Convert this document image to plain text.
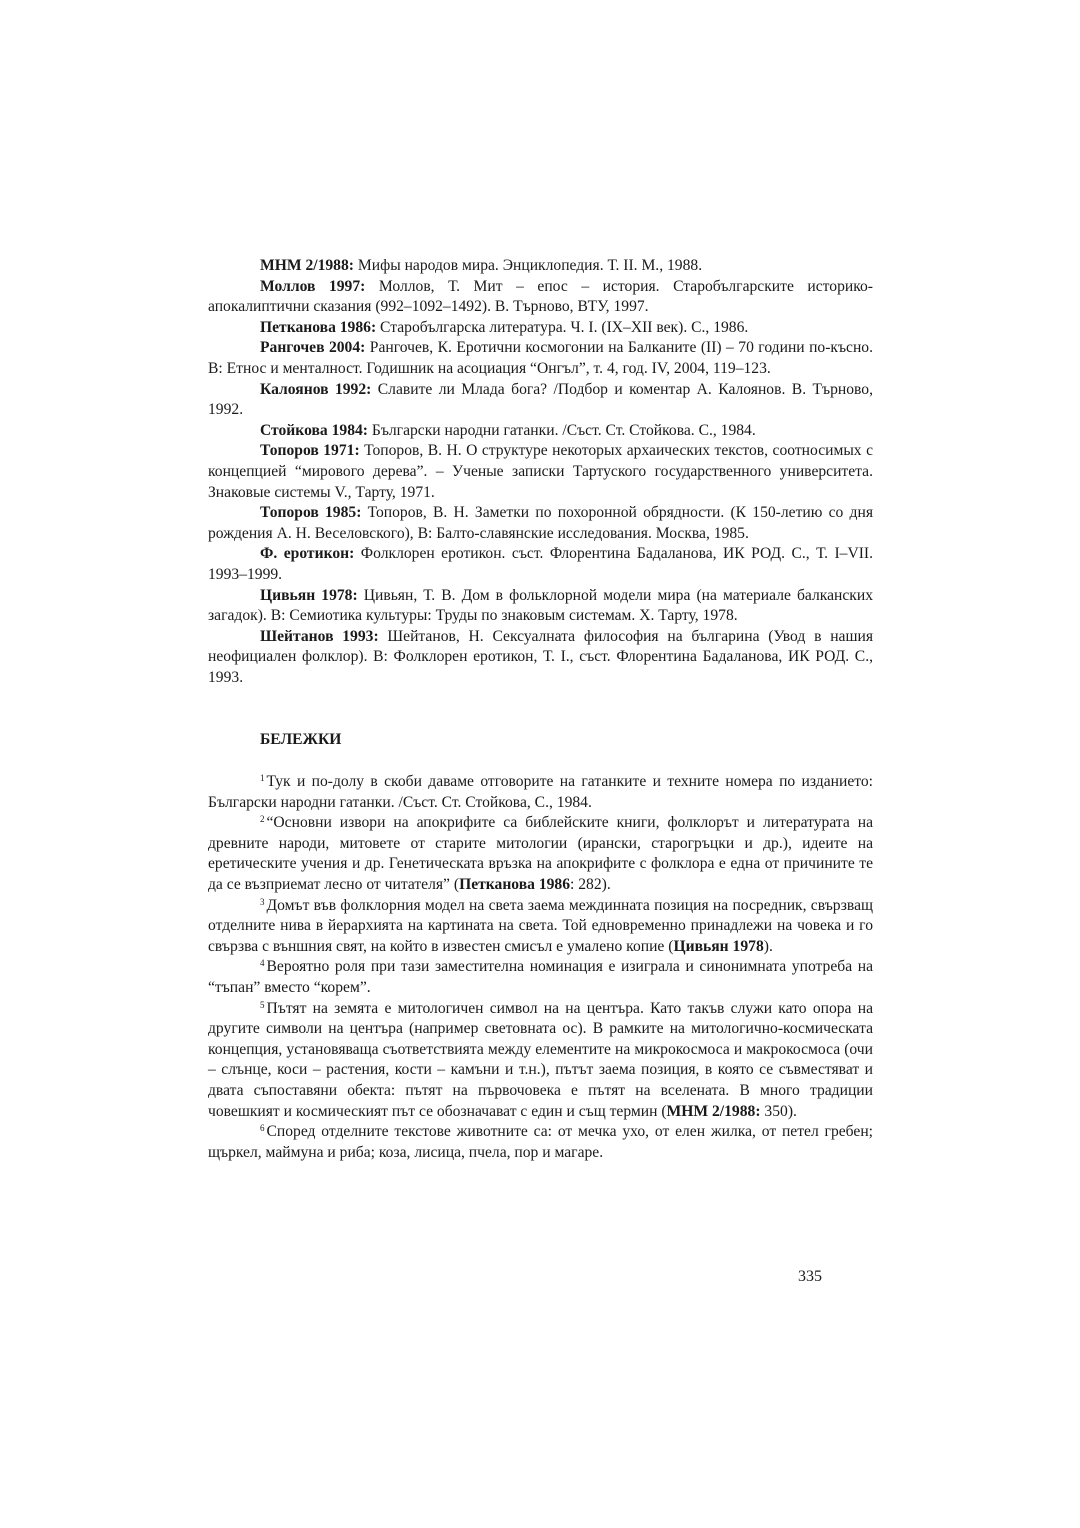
МНМ 2/1988: Мифы народов мира. Энциклопедия. Т. II. М., 1988.

Моллов 1997: Моллов, Т. Мит – епос – история. Старобългарските историко-апокалиптични сказания (992–1092–1492). В. Търново, ВТУ, 1997.

Петканова 1986: Старобългарска литература. Ч. I. (IX–XII век). С., 1986.

Рангочев 2004: Рангочев, К. Еротични космогонии на Балканите (II) – 70 години по-късно. В: Етнос и менталност. Годишник на асоциация “Онгъл”, т. 4, год. IV, 2004, 119–123.

Калоянов 1992: Славите ли Млада бога? /Подбор и коментар А. Калоянов. В. Търново, 1992.

Стойкова 1984: Български народни гатанки. /Съст. Ст. Стойкова. С., 1984.

Топоров 1971: Топоров, В. Н. О структуре некоторых архаических текстов, соотносимых с концепцией “мирового дерева”. – Ученые записки Тартуского государственного университета. Знаковые системы V., Тарту, 1971.

Топоров 1985: Топоров, В. Н. Заметки по похоронной обрядности. (К 150-летию со дня рождения А. Н. Веселовского), В: Балто-славянские исследования. Москва, 1985.

Ф. еротикон: Фолклорен еротикон. съст. Флорентина Бадаланова, ИК РОД. С., Т. I–VII. 1993–1999.

Цивьян 1978: Цивьян, Т. В. Дом в фольклорной модели мира (на материале балканских загадок). В: Семиотика культуры: Труды по знаковым системам. Х. Тарту, 1978.

Шейтанов 1993: Шейтанов, Н. Сексуалната философия на българина (Увод в нашия неофициален фолклор). В: Фолклорен еротикон, Т. I., съст. Флорентина Бадаланова, ИК РОД. С., 1993.

БЕЛЕЖКИ

$^1$ Тук и по-долу в скоби даваме отговорите на гатанките и техните номера по изданието: Български народни гатанки. /Съст. Ст. Стойкова, С., 1984.

$^2$ “Основни извори на апокрифите са библейските книги, фолклорът и литературата на древните народи, митовете от старите митологии (ирански, старогръцки и др.), идеите на еретическите учения и др. Генетическата връзка на апокрифите с фолклора е една от причините те да се възприемат лесно от читателя” (Петканова 1986: 282).

$^3$ Домът във фолклорния модел на света заема междинната позиция на посредник, свързващ отделните нива в йерархията на картината на света. Той едновременно принадлежи на човека и го свързва с външния свят, на който в известен смисъл е умалено копие (Цивьян 1978).

$^4$ Вероятно роля при тази заместителна номинация е изиграла и синонимната употреба на “тъпан” вместо “корем”.

$^5$ Пътят на земята е митологичен символ на на центъра. Като такъв служи като опора на другите символи на центъра (например световната ос). В рамките на митологично-космическата концепция, установяваща съответствията между елементите на микрокосмоса и макрокосмоса (очи – слънце, коси – растения, кости – камъни и т.н.), пътът заема позиция, в която се съвместяват и двата съпоставяни обекта: пътят на първочовека е пътят на вселената. В много традиции човешкият и космическият път се обозначават с един и същ термин (МНМ 2/1988: 350).

$^6$ Според отделните текстове животните са: от мечка ухо, от елен жилка, от петел гребен; щъркел, маймуна и риба; коза, лисица, пчела, пор и магаре.

335
